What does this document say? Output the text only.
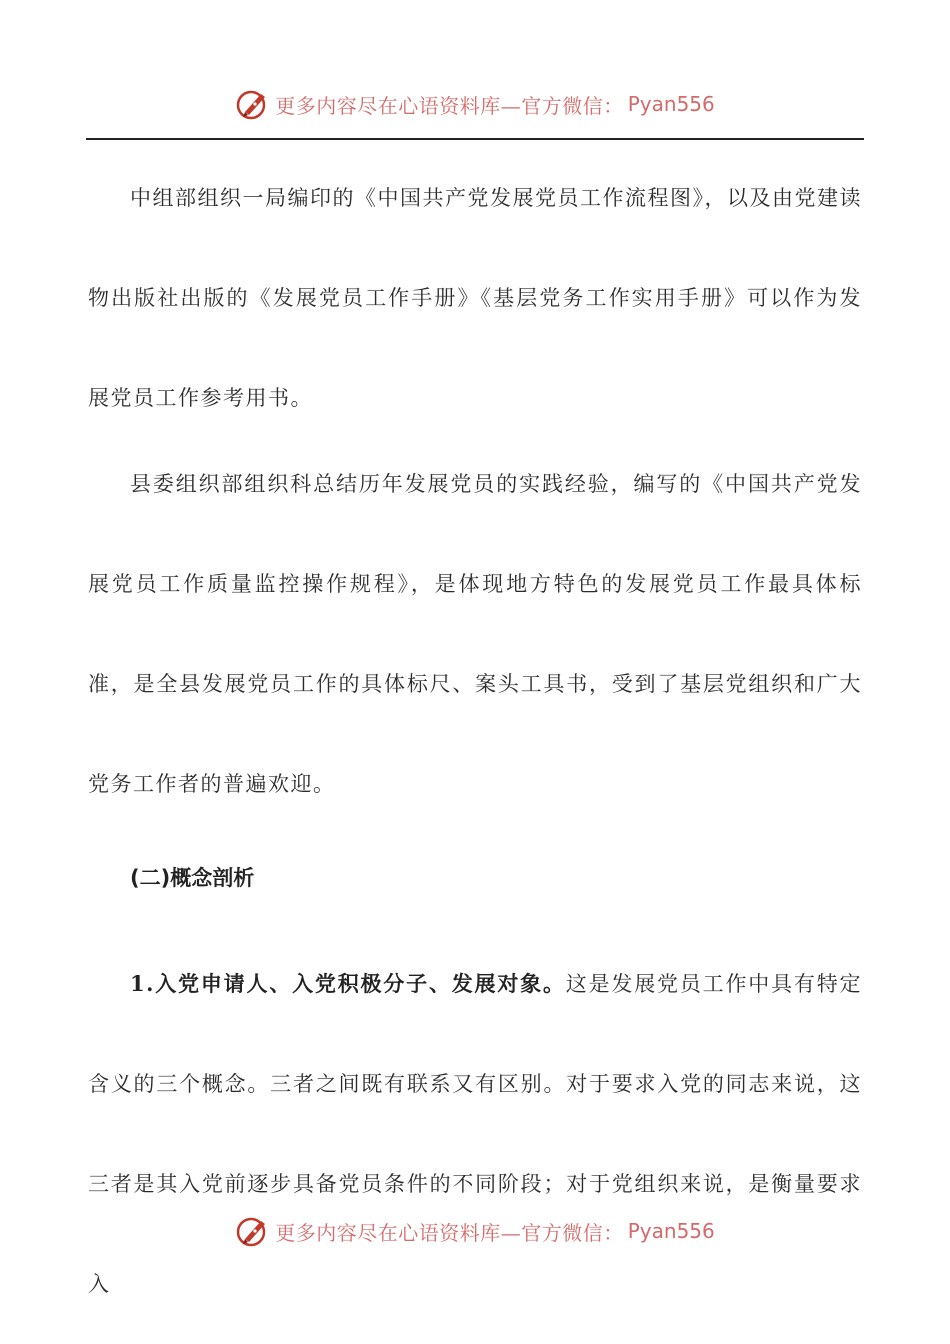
更多内容尽在心语资料库—官方微信： Pyan556

中组部组织一局编印的《中国共产党发展党员工作流程图》，以及由党建读物出版社出版的《发展党员工作手册》《基层党务工作实用手册》可以作为发展党员工作参考用书。

县委组织部组织科总结历年发展党员的实践经验，编写的《中国共产党发展党员工作质量监控操作规程》，是体现地方特色的发展党员工作最具体标准，是全县发展党员工作的具体标尺、案头工具书，受到了基层党组织和广大党务工作者的普遍欢迎。

(二)概念剖析

1.入党申请人、入党积极分子、发展对象。这是发展党员工作中具有特定含义的三个概念。三者之间既有联系又有区别。对于要求入党的同志来说，这三者是其入党前逐步具备党员条件的不同阶段；对于党组织来说，是衡量要求入

更多内容尽在心语资料库—官方微信： Pyan556
